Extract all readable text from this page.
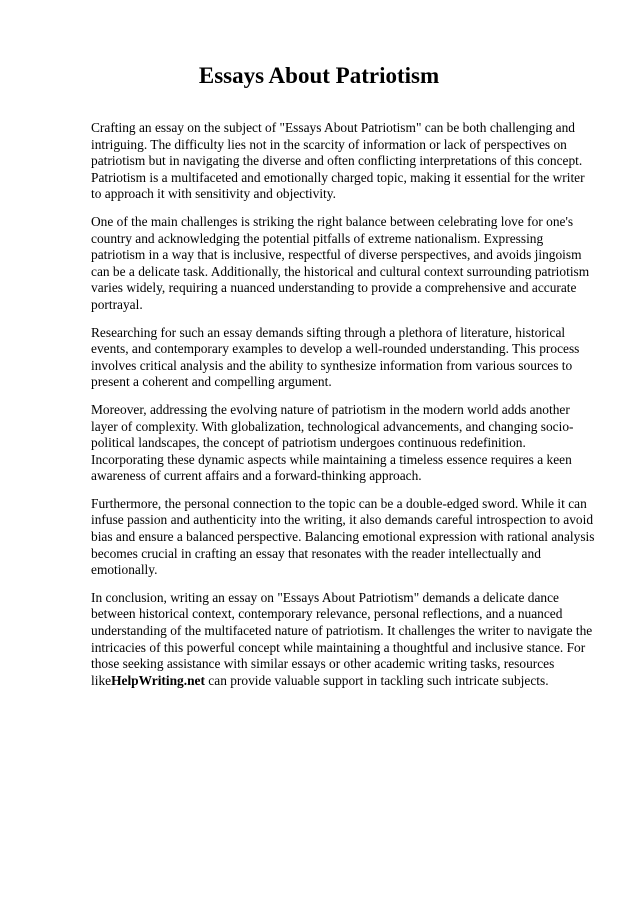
Essays About Patriotism

Crafting an essay on the subject of "Essays About Patriotism" can be both challenging and intriguing. The difficulty lies not in the scarcity of information or lack of perspectives on patriotism but in navigating the diverse and often conflicting interpretations of this concept. Patriotism is a multifaceted and emotionally charged topic, making it essential for the writer to approach it with sensitivity and objectivity.

One of the main challenges is striking the right balance between celebrating love for one's country and acknowledging the potential pitfalls of extreme nationalism. Expressing patriotism in a way that is inclusive, respectful of diverse perspectives, and avoids jingoism can be a delicate task. Additionally, the historical and cultural context surrounding patriotism varies widely, requiring a nuanced understanding to provide a comprehensive and accurate portrayal.

Researching for such an essay demands sifting through a plethora of literature, historical events, and contemporary examples to develop a well-rounded understanding. This process involves critical analysis and the ability to synthesize information from various sources to present a coherent and compelling argument.

Moreover, addressing the evolving nature of patriotism in the modern world adds another layer of complexity. With globalization, technological advancements, and changing socio-political landscapes, the concept of patriotism undergoes continuous redefinition. Incorporating these dynamic aspects while maintaining a timeless essence requires a keen awareness of current affairs and a forward-thinking approach.

Furthermore, the personal connection to the topic can be a double-edged sword. While it can infuse passion and authenticity into the writing, it also demands careful introspection to avoid bias and ensure a balanced perspective. Balancing emotional expression with rational analysis becomes crucial in crafting an essay that resonates with the reader intellectually and emotionally.

In conclusion, writing an essay on "Essays About Patriotism" demands a delicate dance between historical context, contemporary relevance, personal reflections, and a nuanced understanding of the multifaceted nature of patriotism. It challenges the writer to navigate the intricacies of this powerful concept while maintaining a thoughtful and inclusive stance. For those seeking assistance with similar essays or other academic writing tasks, resources likeHelpWriting.net can provide valuable support in tackling such intricate subjects.
